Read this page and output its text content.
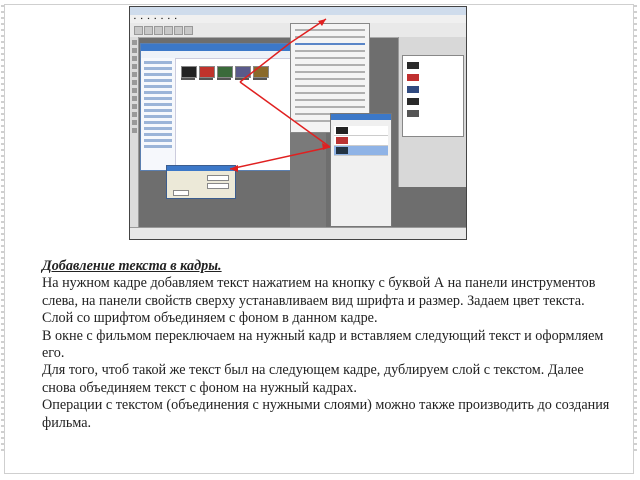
▪ ▪ ▪ ▪ ▪ ▪ ▪

Добавление текста в кадры.

На нужном кадре добавляем текст нажатием на кнопку с буквой А на панели инструментов слева, на панели свойств сверху устанавливаем вид шрифта и размер. Задаем цвет текста.

Слой со шрифтом объединяем с фоном в данном кадре.

В окне с фильмом переключаем на нужный кадр и вставляем следующий текст и оформляем его.

Для того, чтоб такой же текст был на следующем кадре, дублируем слой с текстом. Далее снова объединяем текст с фоном на нужный кадрах.

Операции с текстом (объединения с нужными слоями) можно также производить до создания фильма.
